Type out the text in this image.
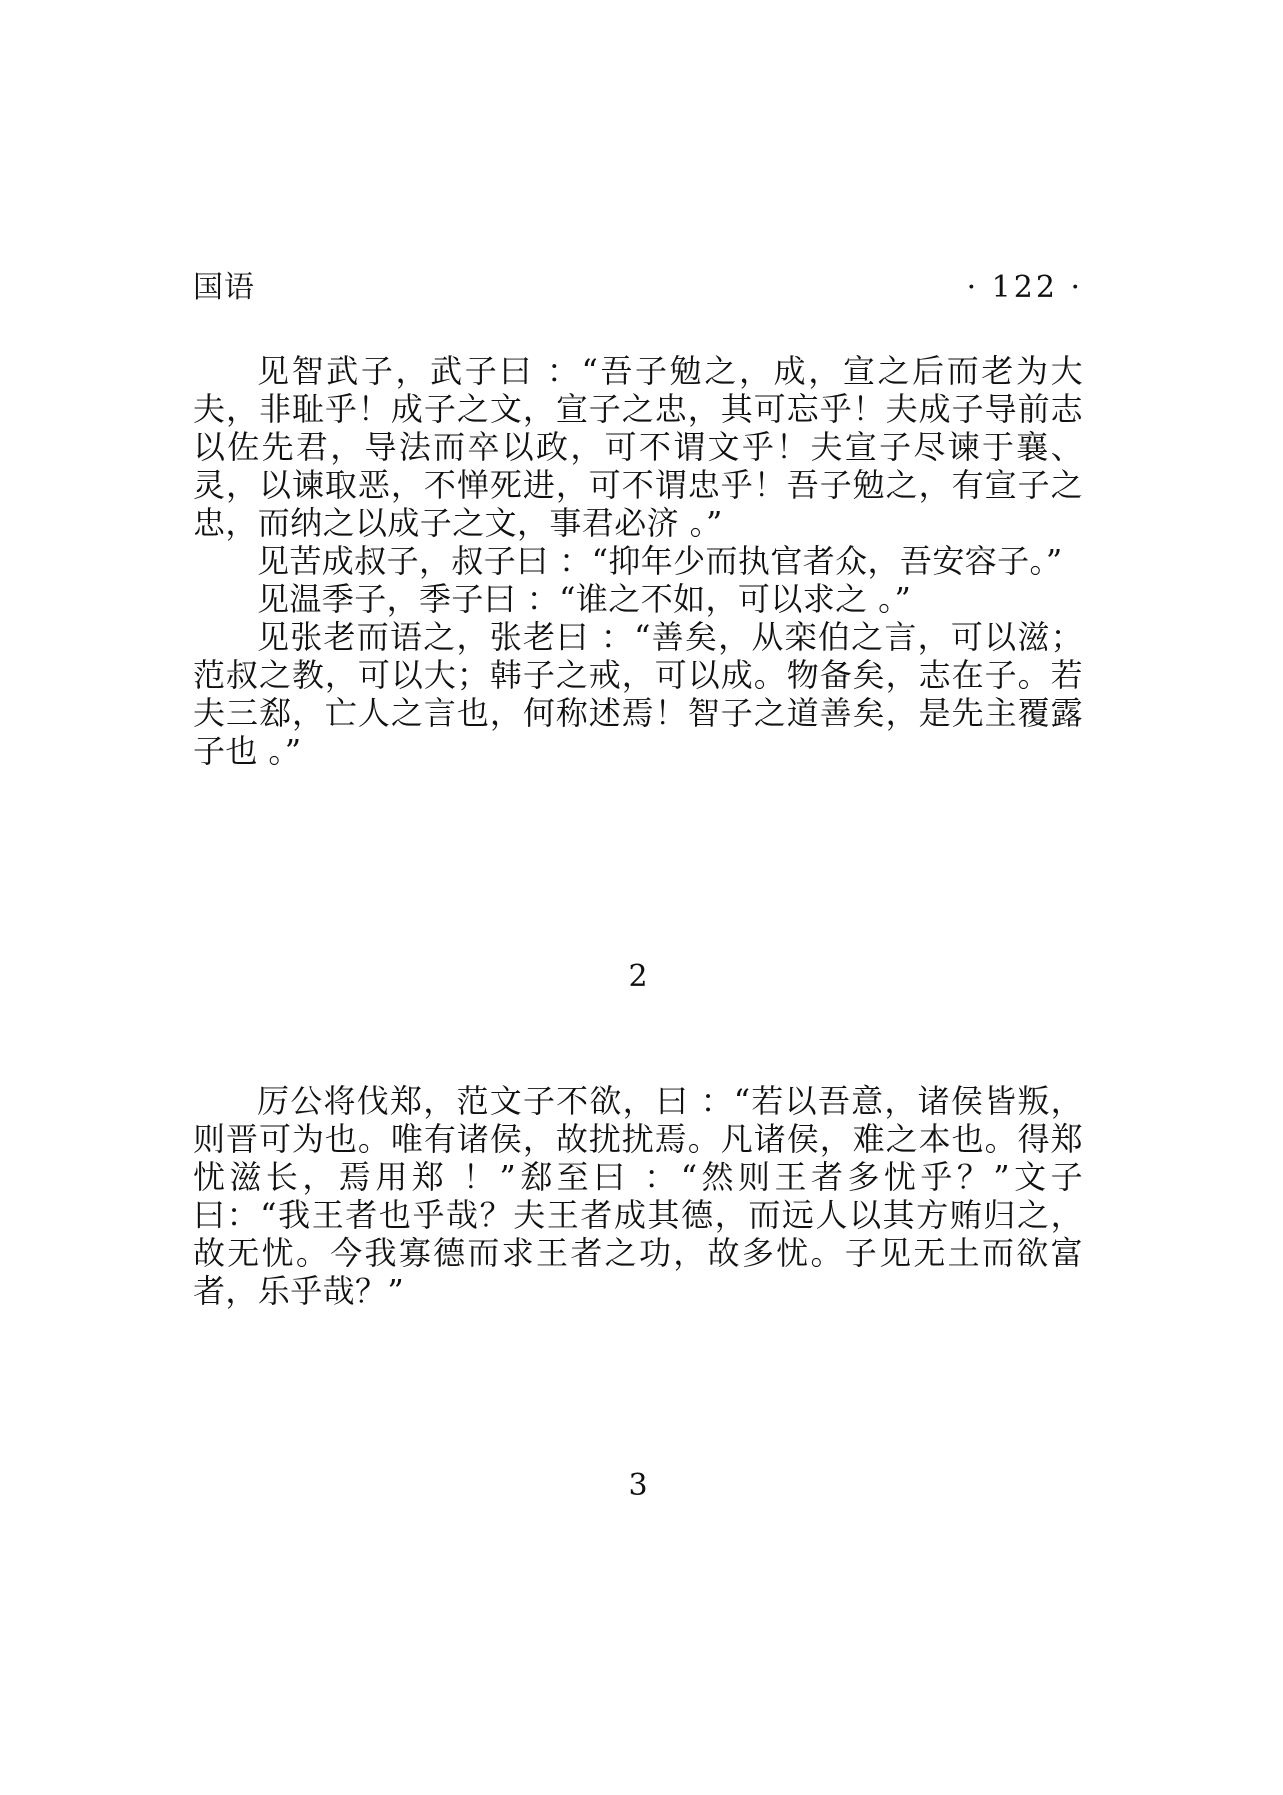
国语	· 122 ·

见智武子，武子曰 ：“吾子勉之，成，宣之后而老为大夫，非耻乎！成子之文，宣子之忠，其可忘乎！夫成子导前志以佐先君，导法而卒以政，可不谓文乎！夫宣子尽谏于襄、灵，以谏取恶，不惮死进，可不谓忠乎！吾子勉之，有宣子之忠，而纳之以成子之文，事君必济 。”

见苦成叔子，叔子曰 ：“抑年少而执官者众，吾安容子。”

见温季子，季子曰 ：“谁之不如，可以求之 。”

见张老而语之，张老曰 ：“善矣，从栾伯之言，可以滋；范叔之教，可以大；韩子之戒，可以成。物备矣，志在子。若夫三郄，亡人之言也，何称述焉！智子之道善矣，是先主覆露子也 。”

2

厉公将伐郑，范文子不欲，曰 ：“若以吾意，诸侯皆叛，则晋可为也。唯有诸侯，故扰扰焉。凡诸侯，难之本也。得郑忧滋长，焉用郑 ！”郄至曰 ：“然则王者多忧乎？”文子曰：“我王者也乎哉？夫王者成其德，而远人以其方贿归之，故无忧。今我寡德而求王者之功，故多忧。子见无土而欲富者，乐乎哉？”

3
